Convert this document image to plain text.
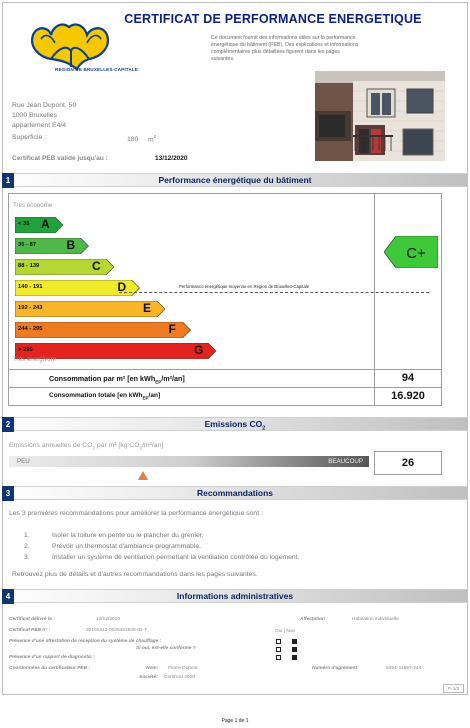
CERTIFICAT DE PERFORMANCE ENERGETIQUE
RÉGION DE BRUXELLES-CAPITALE
Ce document fournit des informations utiles sur la performance énergétique du bâtiment (PEB). Des explications et informations complémentaires plus détaillées figurent dans les pages suivantes.
Rue Jean Dupont, 50
1000 Bruxelles
appartement E4/4
Superficie :	180 $m^2$
Certificat PEB valide jusqu'au :	13/12/2020
1	Performance énergétique du bâtiment
Très économe
< 35 A
35 - 87	B
88 - 139	C
140 - 191	D
192 - 243	E
244 - 295	F
> 295	G
Performance énergétique moyenne en Région de Bruxelles-Capitale
C+
Très énergivore
Consommation par m² [en kWh$_{EP}$/m²/an]	94
Consommation totale [en kWh$_{EP}$/an]	16.920
2	Emissions $CO_2$
Emissions annuelles de $CO_2$ par m² [kg $CO_2/m^2/an$]
PEU	BEAUCOUP	26
3	Recommandations
Les 3 premières recommandations pour améliorer la performance énergétique sont :
1.	Isoler la toiture en pente ou le plancher du grenier.
2.	Prévoir un thermostat d'ambiance programmable.
3.	Installer un système de ventilation permettant la ventilation contrôlée du logement.
Retrouvez plus de détails et d'autres recommandations dans les pages suivantes.
4	Informations administratives
Certificat délivré le :	12/12/2010
Certificat PEB n° :	20101212-0025452548-01-7
Présence d'une attestation de réception du système de chauffage :
Si oui, est-elle conforme ?
Présence d'un rapport de diagnostic :
Affectation :	Habitation individuelle
Oui | Non
Coordonnées du certificateur PEB :	Nom: Pierre Dupont
Société: Certificat 2000
Numéro d'agrément:	5454-43697-244
P. 1/3
Page 1 de 1
